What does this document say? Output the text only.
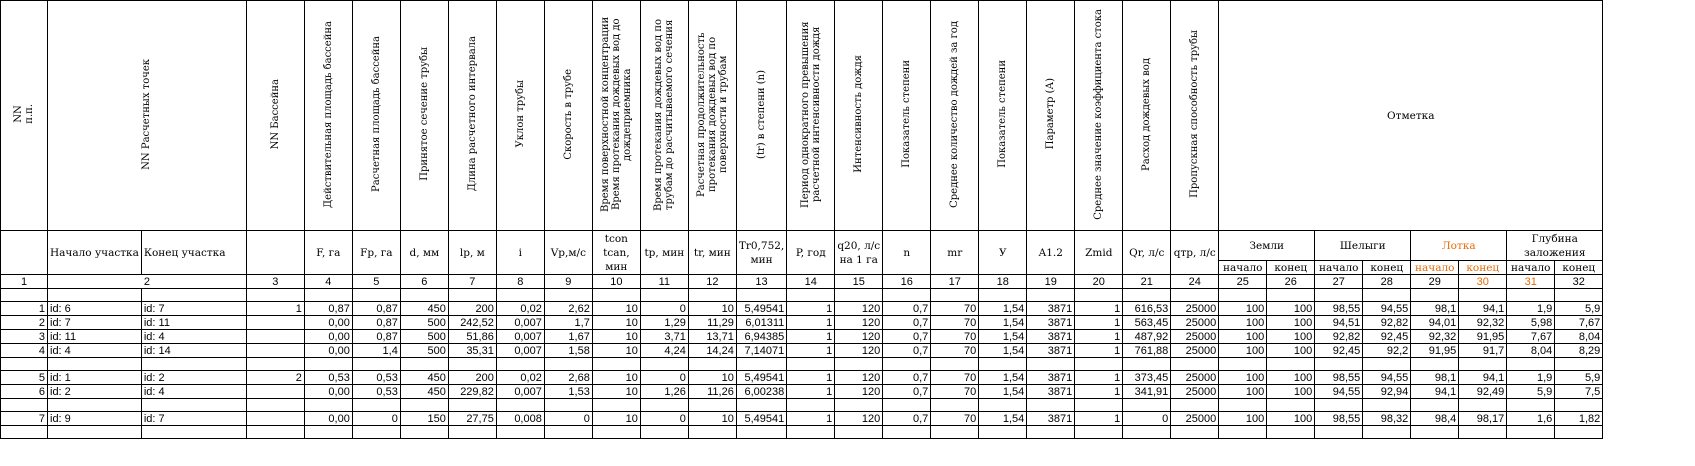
NN
п.п.	NN Расчетных точек		NN Бассейна	Действительная площадь бассейна	Расчетная площадь бассейна	Принятое сечение трубы	Длина расчетного интервала	Уклон трубы	Скорость в трубе	Время поверхностной концентрации Время протекания дождевых вод до дождеприемника	Время протекания дождевых вод по трубам до расчитываемого сечения	Расчетная продолжительность протекания дождевых вод по поверхности и трубам	(tr) в степени (n)	Период однократного превышения расчетной интенсивности дождя	Интенсивность дождя	Показатель степени	Среднее количество дождей за год	Показатель степени	Параметр (А)	Среднее значение коэффициента стока	Расход дождевых вод	Пропускная способность трубы	Отметка							
	Начало участка	Конец участка		F, га	Fp, га	d, мм	lр, м	i	Vр,м/с	tcon tcan, мин	tp, мин	tr, мин	Tr0,752, мин	P, год	q20, л/с на 1 га	n	mr	У	A1.2	Zmid	Qr, л/с	qтр, л/с	Земли		Шелыги		Лотка		Глубина заложения	
																							начало	конец	начало	конец	начало	конец	начало	конец
1	2		3	4	5	6	7	8	9	10	11	12	13	14	15	16	17	18	19	20	21	24	25	26	27	28	29	30	31	32

1	id: 6	id: 7	1	0,87	0,87	450	200	0,02	2,62	10	0	10	5,49541	1	120	0,7	70	1,54	3871	1	616,53	25000	100	100	98,55	94,55	98,1	94,1	1,9	5,9
2	id: 7	id: 11		0,00	0,87	500	242,52	0,007	1,7	10	1,29	11,29	6,01311	1	120	0,7	70	1,54	3871	1	563,45	25000	100	100	94,51	92,82	94,01	92,32	5,98	7,67
3	id: 11	id: 4		0,00	0,87	500	51,86	0,007	1,67	10	3,71	13,71	6,94385	1	120	0,7	70	1,54	3871	1	487,92	25000	100	100	92,82	92,45	92,32	91,95	7,67	8,04
4	id: 4	id: 14		0,00	1,4	500	35,31	0,007	1,58	10	4,24	14,24	7,14071	1	120	0,7	70	1,54	3871	1	761,88	25000	100	100	92,45	92,2	91,95	91,7	8,04	8,29

5	id: 1	id: 2	2	0,53	0,53	450	200	0,02	2,68	10	0	10	5,49541	1	120	0,7	70	1,54	3871	1	373,45	25000	100	100	98,55	94,55	98,1	94,1	1,9	5,9
6	id: 2	id: 4		0,00	0,53	450	229,82	0,007	1,53	10	1,26	11,26	6,00238	1	120	0,7	70	1,54	3871	1	341,91	25000	100	100	94,55	92,94	94,1	92,49	5,9	7,5

7	id: 9	id: 7		0,00	0	150	27,75	0,008	0	10	0	10	5,49541	1	120	0,7	70	1,54	3871	1	0	25000	100	100	98,55	98,32	98,4	98,17	1,6	1,82
